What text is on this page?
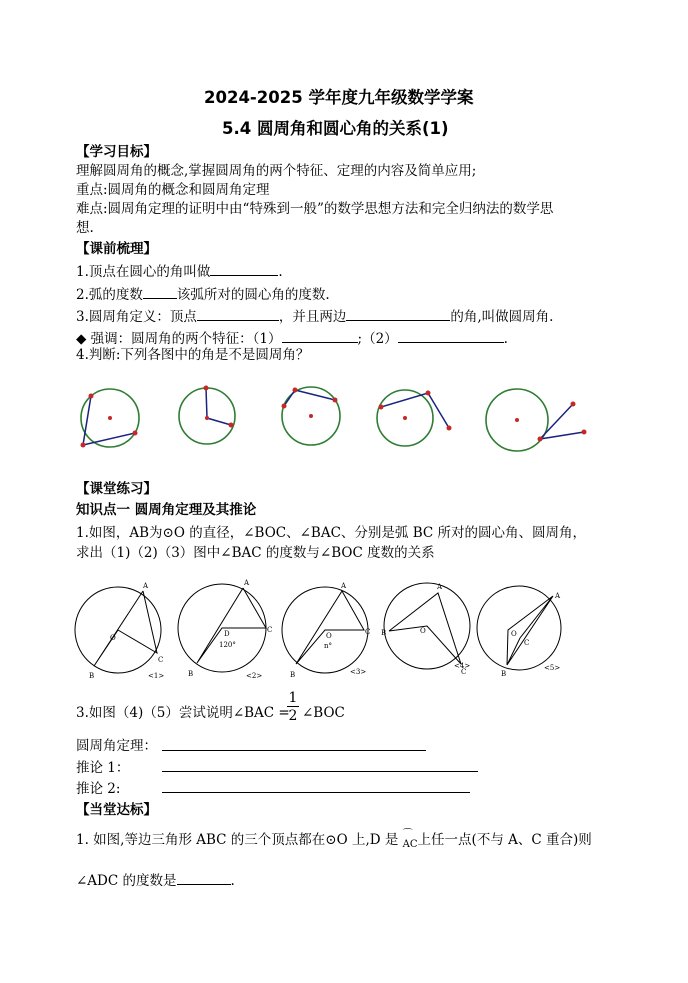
2024-2025 学年度九年级数学学案
5.4 圆周角和圆心角的关系(1)
【学习目标】
理解圆周角的概念,掌握圆周角的两个特征、定理的内容及简单应用;
重点:圆周角的概念和圆周角定理
难点:圆周角定理的证明中由“特殊到一般”的数学思想方法和完全归纳法的数学思
想.
【课前梳理】
1.顶点在圆心的角叫做	.
2.弧的度数	该弧所对的圆心角的度数.
3.圆周角定义：顶点	，并且两边	的角,叫做圆周角.
◆ 强调：圆周角的两个特征：（1）	;（2）	.
4.判断:下列各图中的角是不是圆周角？
【课堂练习】
知识点一 圆周角定理及其推论
1.如图，AB为⊙O 的直径，∠BOC、∠BAC、分别是弧 BC 所对的圆心角、圆周角，
求出（1)（2)（3）图中∠BAC 的度数与∠BOC 度数的关系
A
B
C
O
<1>
A
B
C
D
120°
<2>
A
B
C
O
n°
<3>
A
B
C
O
<4>
A
B
C
O
<5>
3.如图（4)（5）尝试说明∠BAC =
1
2 ∠BOC
圆周角定理：
推论 1：
推论 2:
【当堂达标】
1. 如图,等边三角形 ABC 的三个顶点都在⊙O 上,D 是 ⌒
AC上任一点(不与 A、C 重合)则
∠ADC 的度数是	.
